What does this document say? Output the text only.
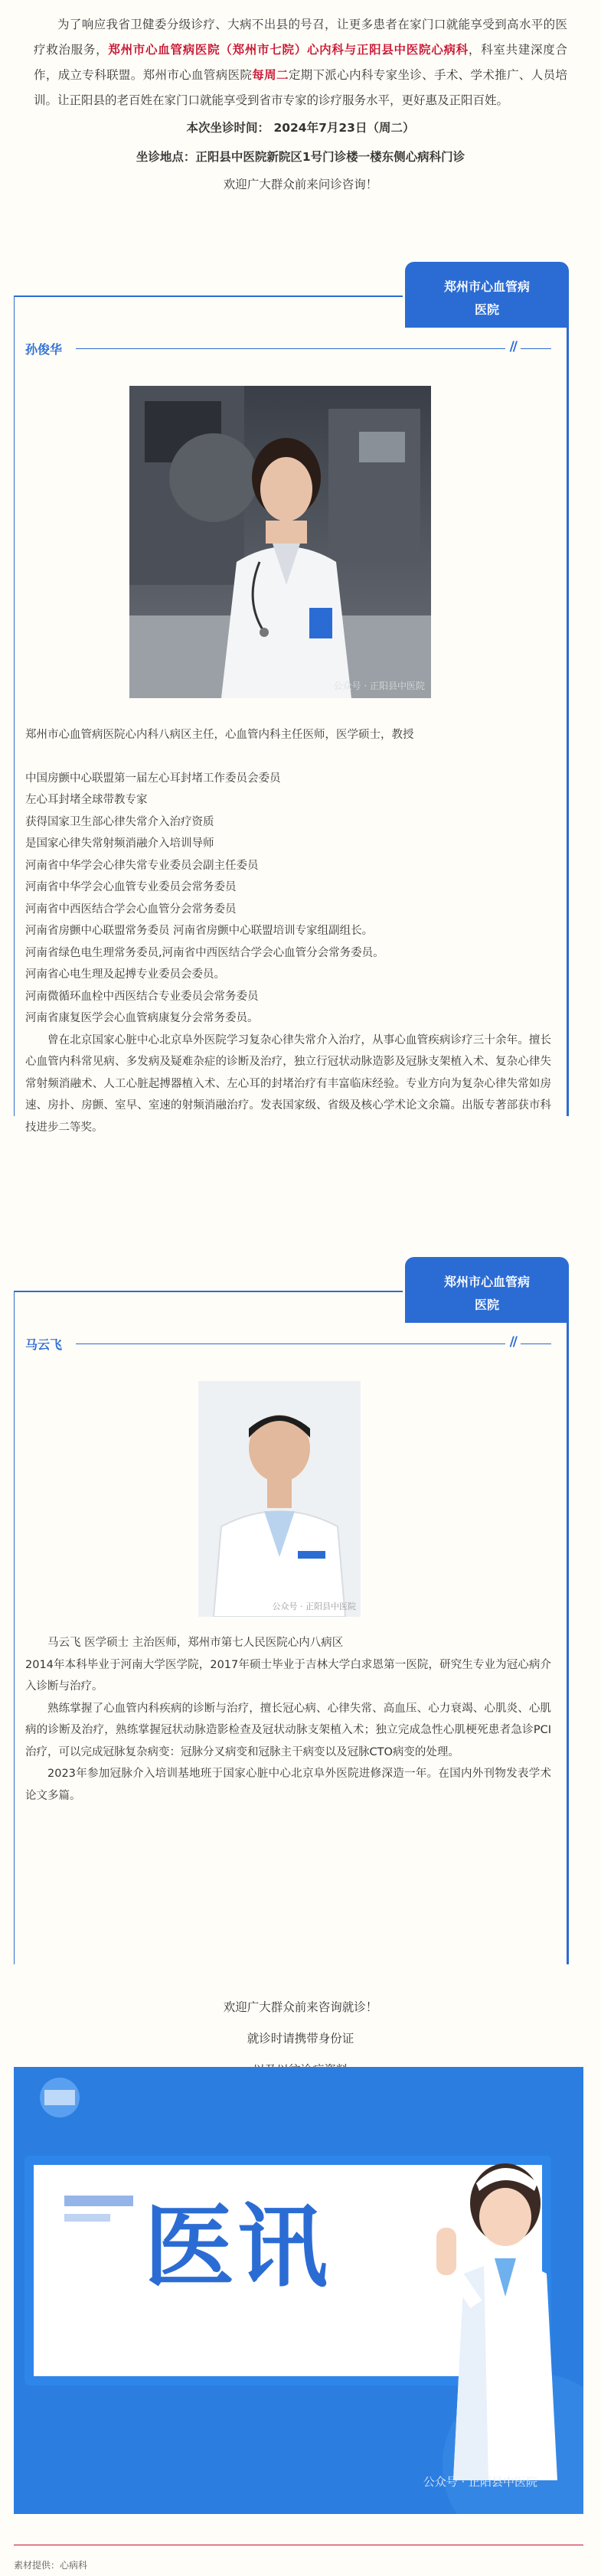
为了响应我省卫健委分级诊疗、大病不出县的号召，让更多患者在家门口就能享受到高水平的医疗救治服务，郑州市心血管病医院（郑州市七院）心内科与正阳县中医院心病科，科室共建深度合作，成立专科联盟。郑州市心血管病医院每周二定期下派心内科专家坐诊、手术、学术推广、人员培训。让正阳县的老百姓在家门口就能享受到省市专家的诊疗服务水平，更好惠及正阳百姓。

本次坐诊时间： 2024年7月23日（周二）
坐诊地点：正阳县中医院新院区1号门诊楼一楼东侧心病科门诊
欢迎广大群众前来问诊咨询！
郑州市心血管病
医院
孙俊华	//
公众号 · 正阳县中医院
郑州市心血管病医院心内科八病区主任，心血管内科主任医师，医学硕士，教授
中国房颤中心联盟第一届左心耳封堵工作委员会委员
左心耳封堵全球带教专家
获得国家卫生部心律失常介入治疗资质
是国家心律失常射频消融介入培训导师
河南省中华学会心律失常专业委员会副主任委员
河南省中华学会心血管专业委员会常务委员
河南省中西医结合学会心血管分会常务委员
河南省房颤中心联盟常务委员 河南省房颤中心联盟培训专家组副组长。
河南省绿色电生理常务委员,河南省中西医结合学会心血管分会常务委员。
河南省心电生理及起搏专业委员会委员。
河南微循环血栓中西医结合专业委员会常务委员
河南省康复医学会心血管病康复分会常务委员。
曾在北京国家心脏中心北京阜外医院学习复杂心律失常介入治疗，从事心血管疾病诊疗三十余年。擅长心血管内科常见病、多发病及疑难杂症的诊断及治疗，独立行冠状动脉造影及冠脉支架植入术、复杂心律失常射频消融术、人工心脏起搏器植入术、左心耳的封堵治疗有丰富临床经验。专业方向为复杂心律失常如房速、房扑、房颤、室早、室速的射频消融治疗。发表国家级、省级及核心学术论文余篇。出版专著部获市科技进步二等奖。
郑州市心血管病
医院
马云飞	//
公众号 · 正阳县中医院
马云飞 医学硕士 主治医师，郑州市第七人民医院心内八病区
2014年本科毕业于河南大学医学院，2017年硕士毕业于吉林大学白求恩第一医院，研究生专业为冠心病介入诊断与治疗。
熟练掌握了心血管内科疾病的诊断与治疗，擅长冠心病、心律失常、高血压、心力衰竭、心肌炎、心肌病的诊断及治疗，熟练掌握冠状动脉造影检查及冠状动脉支架植入术；独立完成急性心肌梗死患者急诊PCI治疗，可以完成冠脉复杂病变：冠脉分叉病变和冠脉主干病变以及冠脉CTO病变的处理。
2023年参加冠脉介入培训基地班于国家心脏中心北京阜外医院进修深造一年。在国内外刊物发表学术论文多篇。
欢迎广大群众前来咨询就诊！
就诊时请携带身份证
医讯
公众号 · 正阳县中医院
素材提供：心病科
